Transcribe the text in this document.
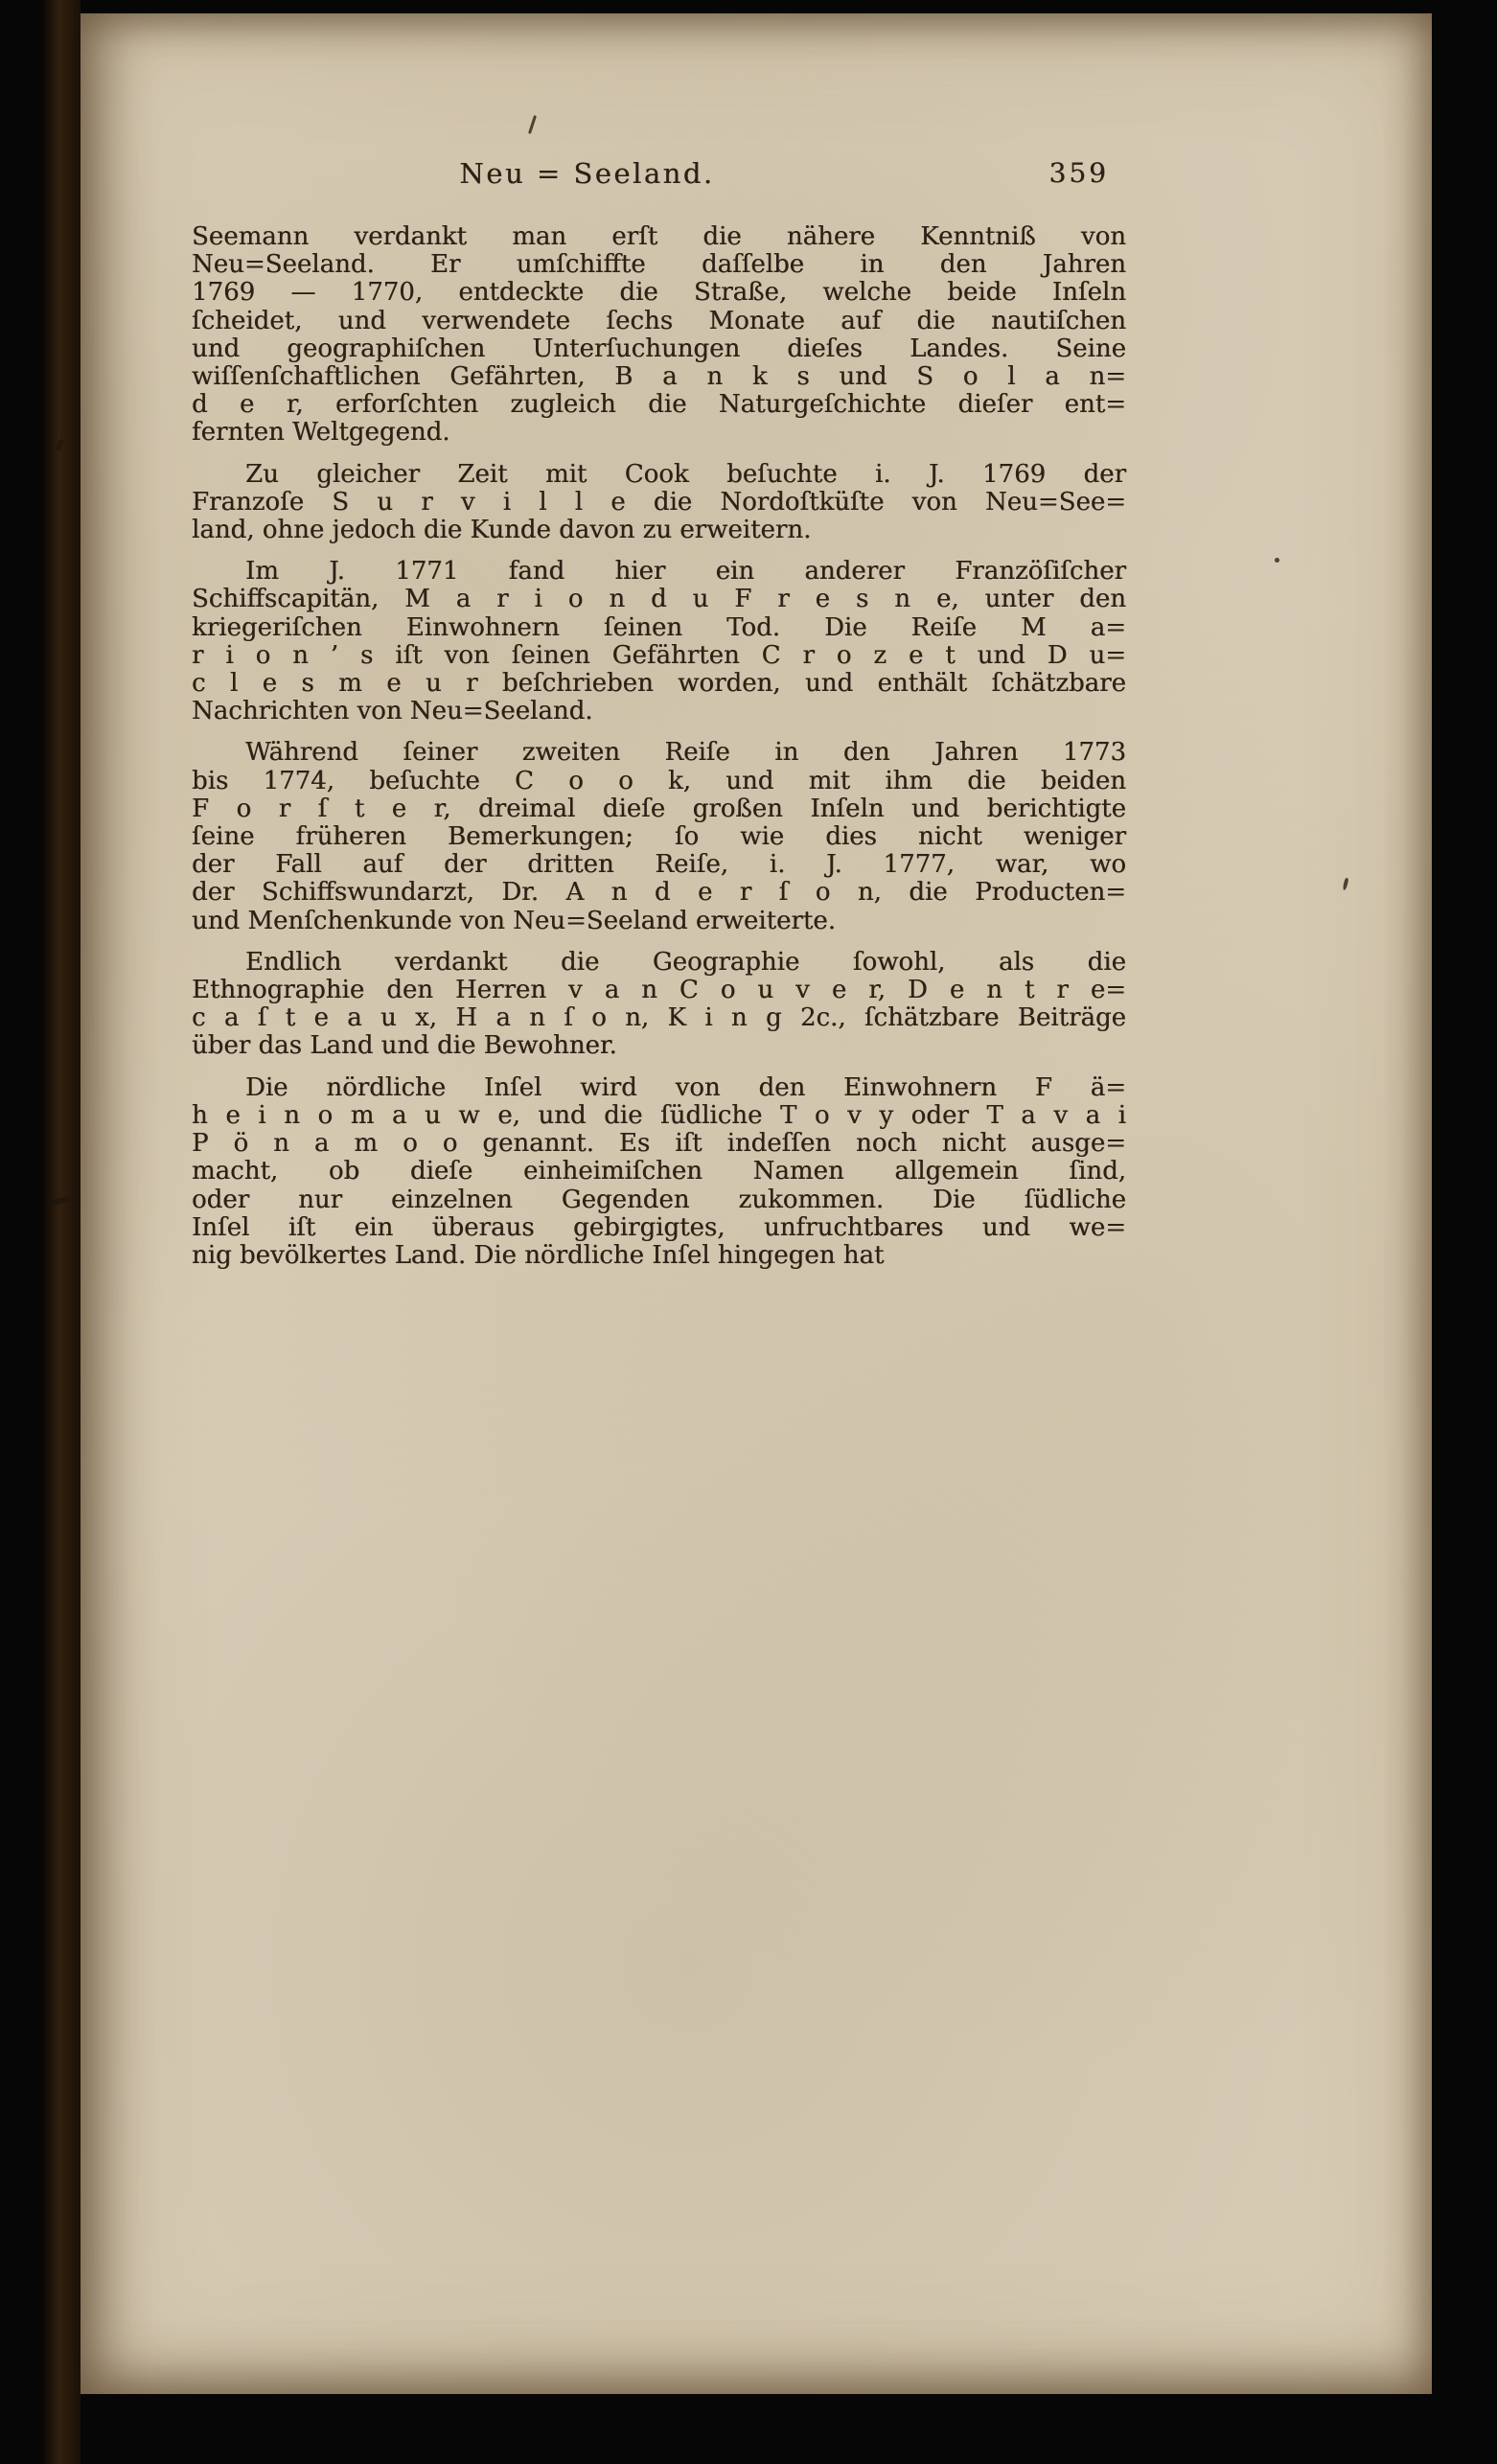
Neu = Seeland.	359
Seemann verdankt man erſt die nähere Kenntniß von
Neu=Seeland. Er umſchiffte daſſelbe in den Jahren
1769 — 1770, entdeckte die Straße, welche beide Inſeln
ſcheidet, und verwendete ſechs Monate auf die nautiſchen
und geographiſchen Unterſuchungen dieſes Landes. Seine
wiſſenſchaftlichen Gefährten, B a n k s und S o l a n=
d e r, erforſchten zugleich die Naturgeſchichte dieſer ent=
fernten Weltgegend.
Zu gleicher Zeit mit Cook beſuchte i. J. 1769 der
Franzoſe S u r v i l l e die Nordoſtküſte von Neu=See=
land, ohne jedoch die Kunde davon zu erweitern.
Im J. 1771 fand hier ein anderer Franzöſiſcher
Schiffscapitän, M a r i o n d u F r e s n e, unter den
kriegeriſchen Einwohnern ſeinen Tod. Die Reiſe M a=
r i o n ’ s iſt von ſeinen Gefährten C r o z e t und D u=
c l e s m e u r beſchrieben worden, und enthält ſchätzbare
Nachrichten von Neu=Seeland.
Während ſeiner zweiten Reiſe in den Jahren 1773
bis 1774, beſuchte C o o k, und mit ihm die beiden
F o r ſ t e r, dreimal dieſe großen Inſeln und berichtigte
ſeine früheren Bemerkungen; ſo wie dies nicht weniger
der Fall auf der dritten Reiſe, i. J. 1777, war, wo
der Schiffswundarzt, Dr. A n d e r ſ o n, die Producten=
und Menſchenkunde von Neu=Seeland erweiterte.
Endlich verdankt die Geographie ſowohl, als die
Ethnographie den Herren v a n C o u v e r, D e n t r e=
c a ſ t e a u x, H a n ſ o n, K i n g 2c., ſchätzbare Beiträge
über das Land und die Bewohner.
Die nördliche Inſel wird von den Einwohnern F ä=
h e i n o m a u w e, und die ſüdliche T o v y oder T a v a i
P ö n a m o o genannt. Es iſt indeſſen noch nicht ausge=
macht, ob dieſe einheimiſchen Namen allgemein ſind,
oder nur einzelnen Gegenden zukommen. Die ſüdliche
Inſel iſt ein überaus gebirgigtes, unfruchtbares und we=
nig bevölkertes Land. Die nördliche Inſel hingegen hat
